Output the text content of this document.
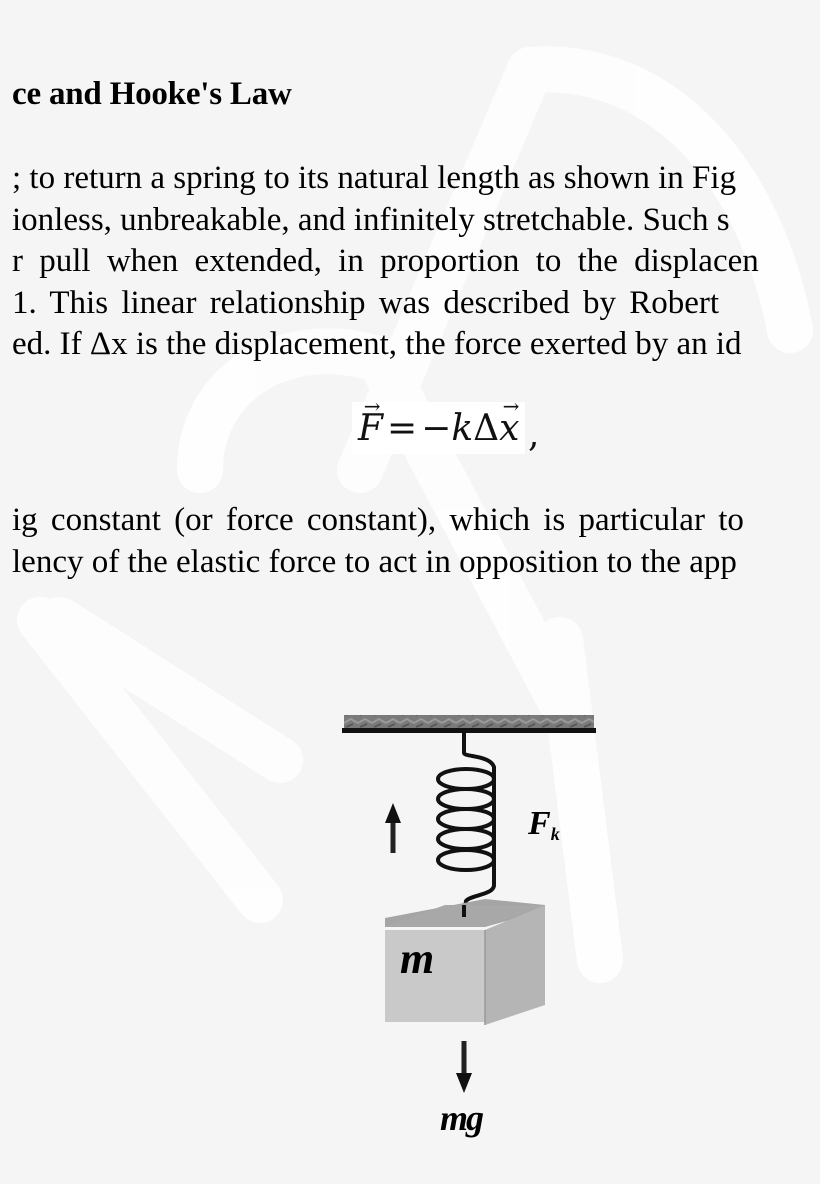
ce and Hooke's Law
; to return a spring to its natural length as shown in Fig
ionless, unbreakable, and infinitely stretchable. Such s
r pull when extended, in proportion to the displacen
1. This linear relationship was described by Robert
ed. If Δx is the displacement, the force exerted by an id
→ F = − k Δ → x ,
ig constant (or force constant), which is particular to
lency of the elastic force to act in opposition to the app
m
$F_k$
mg
